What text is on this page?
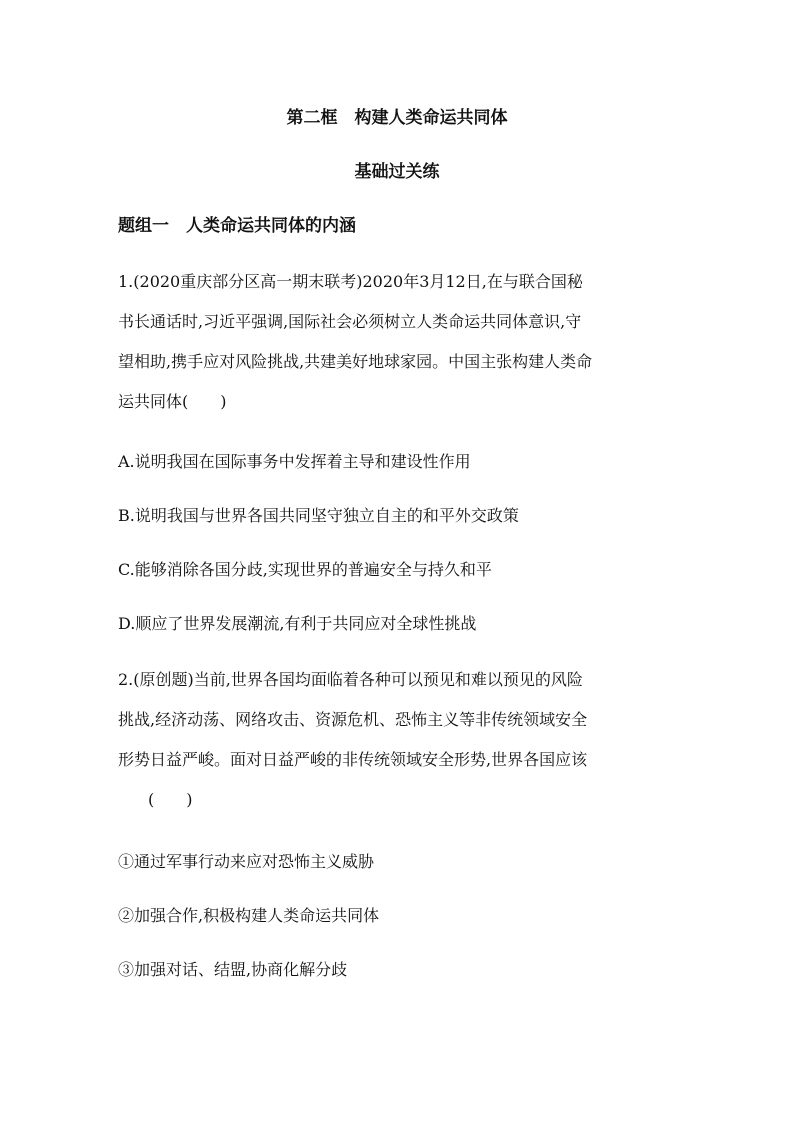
第二框　构建人类命运共同体
基础过关练
题组一　人类命运共同体的内涵
1.(2020重庆部分区高一期末联考)2020年3月12日,在与联合国秘
书长通话时,习近平强调,国际社会必须树立人类命运共同体意识,守
望相助,携手应对风险挑战,共建美好地球家园。中国主张构建人类命
运共同体(　　)
A.说明我国在国际事务中发挥着主导和建设性作用
B.说明我国与世界各国共同坚守独立自主的和平外交政策
C.能够消除各国分歧,实现世界的普遍安全与持久和平
D.顺应了世界发展潮流,有利于共同应对全球性挑战
2.(原创题)当前,世界各国均面临着各种可以预见和难以预见的风险
挑战,经济动荡、网络攻击、资源危机、恐怖主义等非传统领域安全
形势日益严峻。面对日益严峻的非传统领域安全形势,世界各国应该
(　　)
①通过军事行动来应对恐怖主义威胁
②加强合作,积极构建人类命运共同体
③加强对话、结盟,协商化解分歧
